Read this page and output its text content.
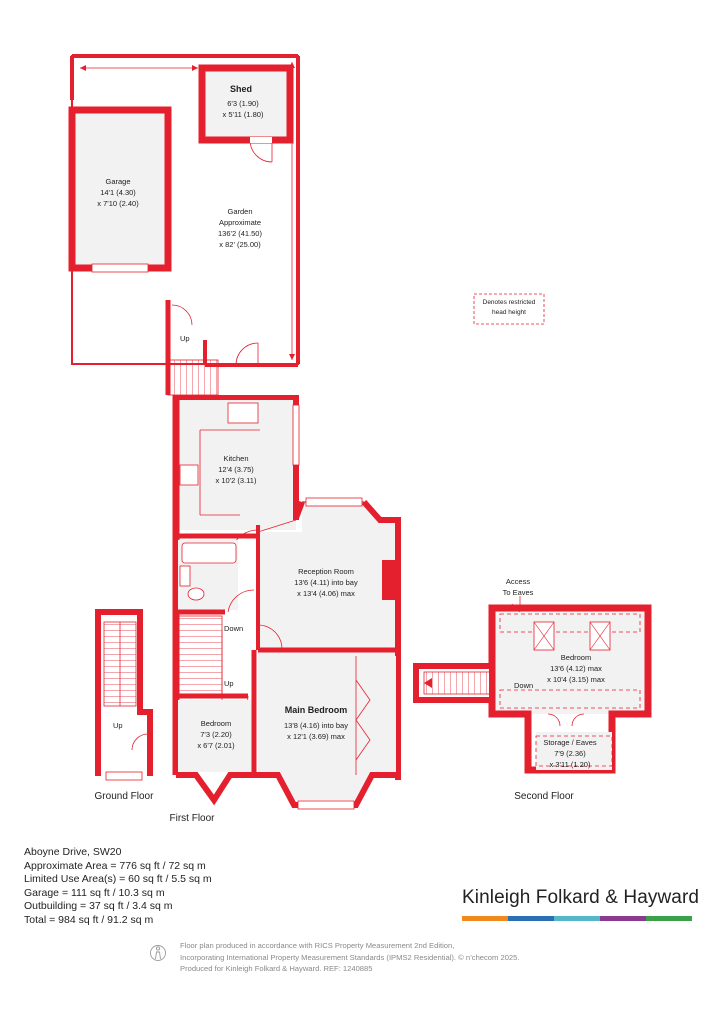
Shed
6'3 (1.90)
x 5'11 (1.80)
Garage
14'1 (4.30)
x 7'10 (2.40)
Garden
Approximate
136'2 (41.50)
x 82' (25.00)
Kitchen
12'4 (3.75)
x 10'2 (3.11)
Reception Room
13'6 (4.11) into bay
x 13'4 (4.06) max
Main Bedroom
13'8 (4.16) into bay
x 12'1 (3.69) max
Bedroom
7'3 (2.20)
x 6'7 (2.01)
Bedroom
13'6 (4.12) max
x 10'4 (3.15) max
Storage / Eaves
7'9 (2.36)
x 3'11 (1.20)
Access
To Eaves
Denotes restricted
head height
Ground Floor
First Floor
Second Floor
Up
Up
Up
Down
Down
Aboyne Drive, SW20
Approximate Area = 776 sq ft / 72 sq m
Limited Use Area(s) = 60 sq ft / 5.5 sq m
Garage = 111 sq ft / 10.3 sq m
Outbuilding = 37 sq ft / 3.4 sq m
Total = 984 sq ft / 91.2 sq m
Kinleigh Folkard & Hayward
Floor plan produced in accordance with RICS Property Measurement 2nd Edition,
Incorporating International Property Measurement Standards (IPMS2 Residential). © n’checom 2025.
Produced for Kinleigh Folkard & Hayward. REF: 1240885
